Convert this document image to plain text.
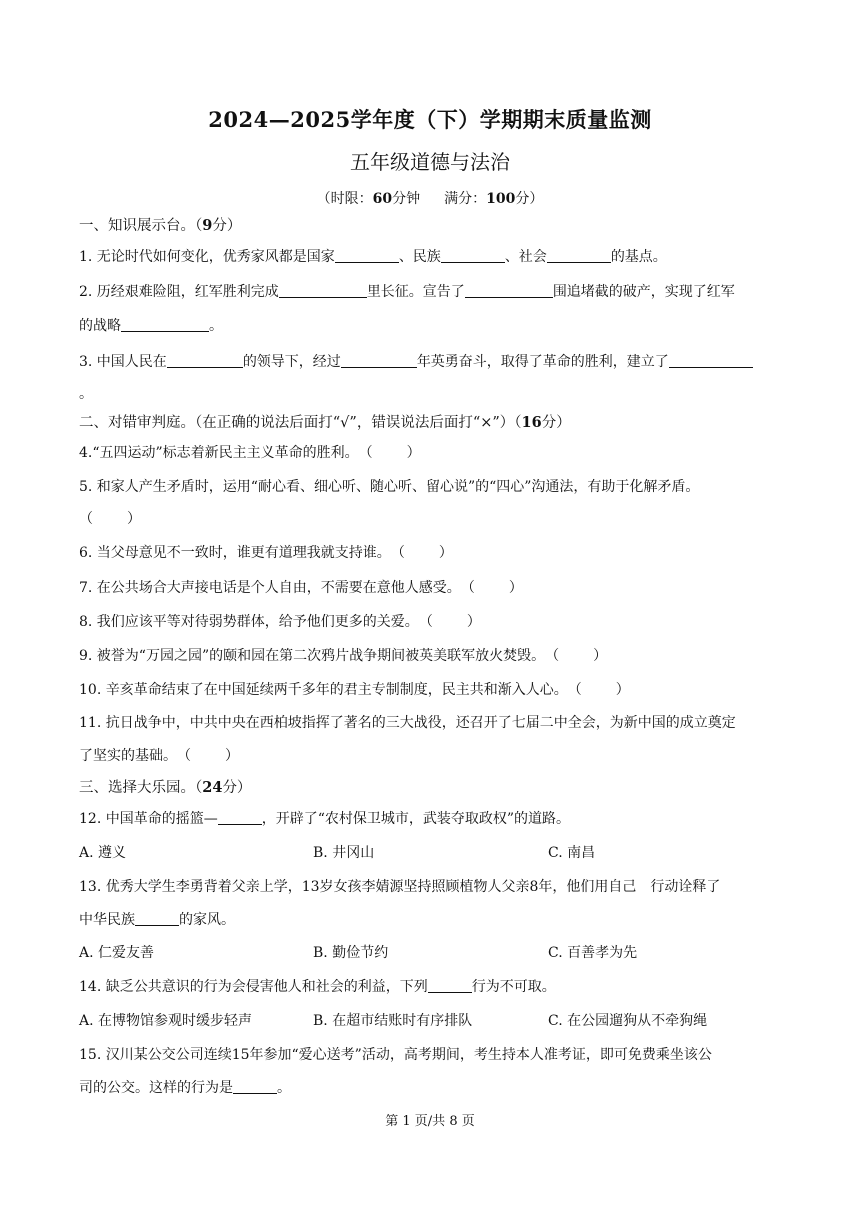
2024—2025学年度（下）学期期末质量监测
五年级道德与法治
（时限：60分钟 满分：100分）
一、知识展示台。（9分）
1. 无论时代如何变化，优秀家风都是国家	、民族	、社会	的基点。
2. 历经艰难险阻，红军胜利完成	里长征。宣告了	围追堵截的破产，实现了红军
的战略	。
3. 中国人民在	的领导下，经过	年英勇奋斗，取得了革命的胜利，建立了
。
二、对错审判庭。（在正确的说法后面打“√”，错误说法后面打“×”）（16分）
4.“五四运动”标志着新民主主义革命的胜利。（ ）
5. 和家人产生矛盾时，运用“耐心看、细心听、随心听、留心说”的“四心”沟通法，有助于化解矛盾。
（ ）
6. 当父母意见不一致时，谁更有道理我就支持谁。（ ）
7. 在公共场合大声接电话是个人自由，不需要在意他人感受。（ ）
8. 我们应该平等对待弱势群体，给予他们更多的关爱。（ ）
9. 被誉为“万园之园”的颐和园在第二次鸦片战争期间被英美联军放火焚毁。（ ）
10. 辛亥革命结束了在中国延续两千多年的君主专制制度，民主共和渐入人心。（ ）
11. 抗日战争中，中共中央在西柏坡指挥了著名的三大战役，还召开了七届二中全会，为新中国的成立奠定
了坚实的基础。（ ）
三、选择大乐园。（24分）
12. 中国革命的摇篮—	，开辟了“农村保卫城市，武装夺取政权”的道路。
A. 遵义	B. 井冈山	C. 南昌
13. 优秀大学生李勇背着父亲上学，13岁女孩李婧源坚持照顾植物人父亲8年，他们用自己　行动诠释了
中华民族	的家风。
A. 仁爱友善	B. 勤俭节约	C. 百善孝为先
14. 缺乏公共意识的行为会侵害他人和社会的利益，下列	行为不可取。
A. 在博物馆参观时缓步轻声	B. 在超市结账时有序排队	C. 在公园遛狗从不牵狗绳
15. 汉川某公交公司连续15年参加“爱心送考”活动，高考期间，考生持本人准考证，即可免费乘坐该公
司的公交。这样的行为是	。
第 1 页/共 8 页
